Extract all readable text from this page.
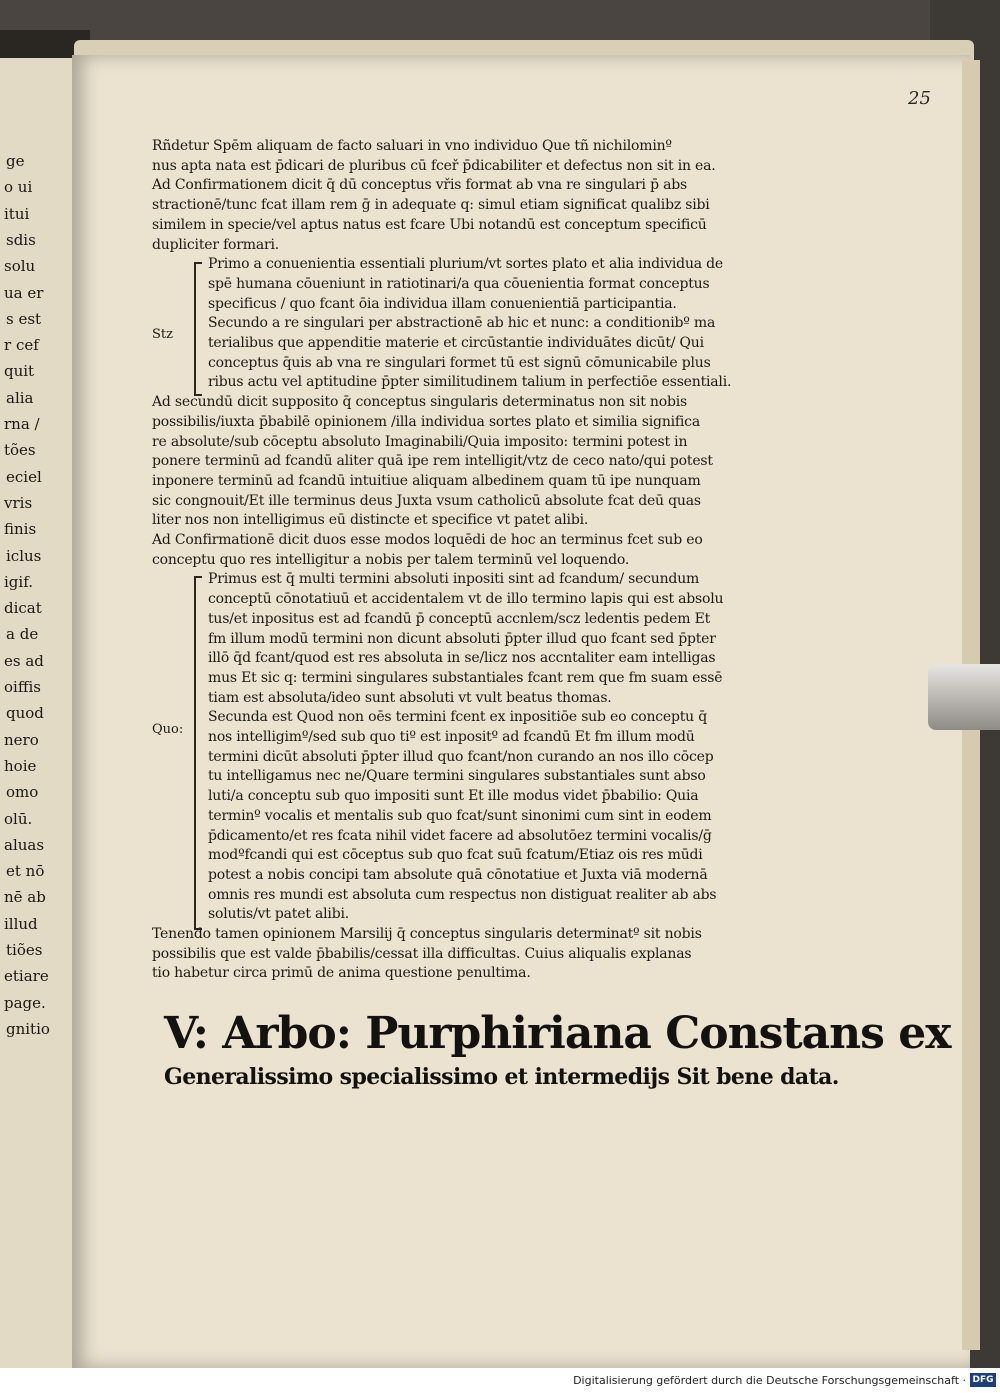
ge
o ui
itui
sdis
solu
ua er
s est
r cef
quit
alia
rna /
tões
eciel
vris
finis
iclus
igif.
dicat
a de
es ad
oiffis
quod
nero
hoie
omo
olū.
aluas
et nō
nē ab
illud
tiões
etiare
page.
gnitio
25
Rñdetur Spēm aliquam de facto saluari in vno individuo Que tñ nichilominº
nus apta nata est p̄dicari de pluribus cū fceř p̄dicabiliter et defectus non sit in ea.
Ad Confirmationem dicit q̄ dū conceptus vřis format ab vna re singulari p̄ abs
stractionē/tunc fcat illam rem ḡ in adequate q: simul etiam significat qualibz sibi
similem in specie/vel aptus natus est fcare Ubi notandū est conceptum specificū
dupliciter formari.
Primo a conuenientia essentiali plurium/vt sortes plato et alia individua de
spē humana cōueniunt in ratiotinari/a qua cōuenientia format conceptus
specificus / quo fcant ōia individua illam conuenientiā participantia.
Secundo a re singulari per abstractionē ab hic et nunc: a conditionibº ma
terialibus que appenditie materie et circūstantie individuātes dicūt/ Qui
conceptus q̄uis ab vna re singulari formet tū est signū cōmunicabile plus
ribus actu vel aptitudine p̄pter similitudinem talium in perfectiōe essentiali.
Ad secundū dicit supposito q̄ conceptus singularis determinatus non sit nobis
possibilis/iuxta p̄babilē opinionem /illa individua sortes plato et similia significa
re absolute/sub cōceptu absoluto Imaginabili/Quia imposito: termini potest in
ponere terminū ad fcandū aliter quā ipe rem intelligit/vtz de ceco nato/qui potest
inponere terminū ad fcandū intuitiue aliquam albedinem quam tū ipe nunquam
sic congnouit/Et ille terminus deus Juxta vsum catholicū absolute fcat deū quas
liter nos non intelligimus eū distincte et specifice vt patet alibi.
Ad Confirmationē dicit duos esse modos loquēdi de hoc an terminus fcet sub eo
conceptu quo res intelligitur a nobis per talem terminū vel loquendo.
Primus est q̄ multi termini absoluti inpositi sint ad fcandum/ secundum
conceptū cōnotatiuū et accidentalem vt de illo termino lapis qui est absolu
tus/et inpositus est ad fcandū p̄ conceptū accnlem/scz ledentis pedem Et
fm illum modū termini non dicunt absoluti p̄pter illud quo fcant sed p̄pter
illō q̄d fcant/quod est res absoluta in se/licz nos accntaliter eam intelligas
mus Et sic q: termini singulares substantiales fcant rem que fm suam essē
tiam est absoluta/ideo sunt absoluti vt vult beatus thomas.
Secunda est Quod non oēs termini fcent ex inpositiōe sub eo conceptu q̄
nos intelligimº/sed sub quo tiº est inpositº ad fcandū Et fm illum modū
termini dicūt absoluti p̄pter illud quo fcant/non curando an nos illo cōcep
tu intelligamus nec ne/Quare termini singulares substantiales sunt abso
luti/a conceptu sub quo impositi sunt Et ille modus videt p̄babilio: Quia
terminº vocalis et mentalis sub quo fcat/sunt sinonimi cum sint in eodem
p̄dicamento/et res fcata nihil videt facere ad absolutōez termini vocalis/ḡ
modºfcandi qui est cōceptus sub quo fcat suū fcatum/Etiaz ois res mūdi
potest a nobis concipi tam absolute quā cōnotatiue et Juxta viā modernā
omnis res mundi est absoluta cum respectus non distiguat realiter ab abs
solutis/vt patet alibi.
Tenendo tamen opinionem Marsilij q̄ conceptus singularis determinatº sit nobis
possibilis que est valde p̄babilis/cessat illa difficultas. Cuius aliqualis explanas
tio habetur circa primū de anima questione penultima.
Stz
Quo:
V: Arbo: Purphiriana Constans ex
Generalissimo specialissimo et intermedijs Sit bene data.
Digitalisierung gefördert durch die Deutsche Forschungsgemeinschaft · DFG
